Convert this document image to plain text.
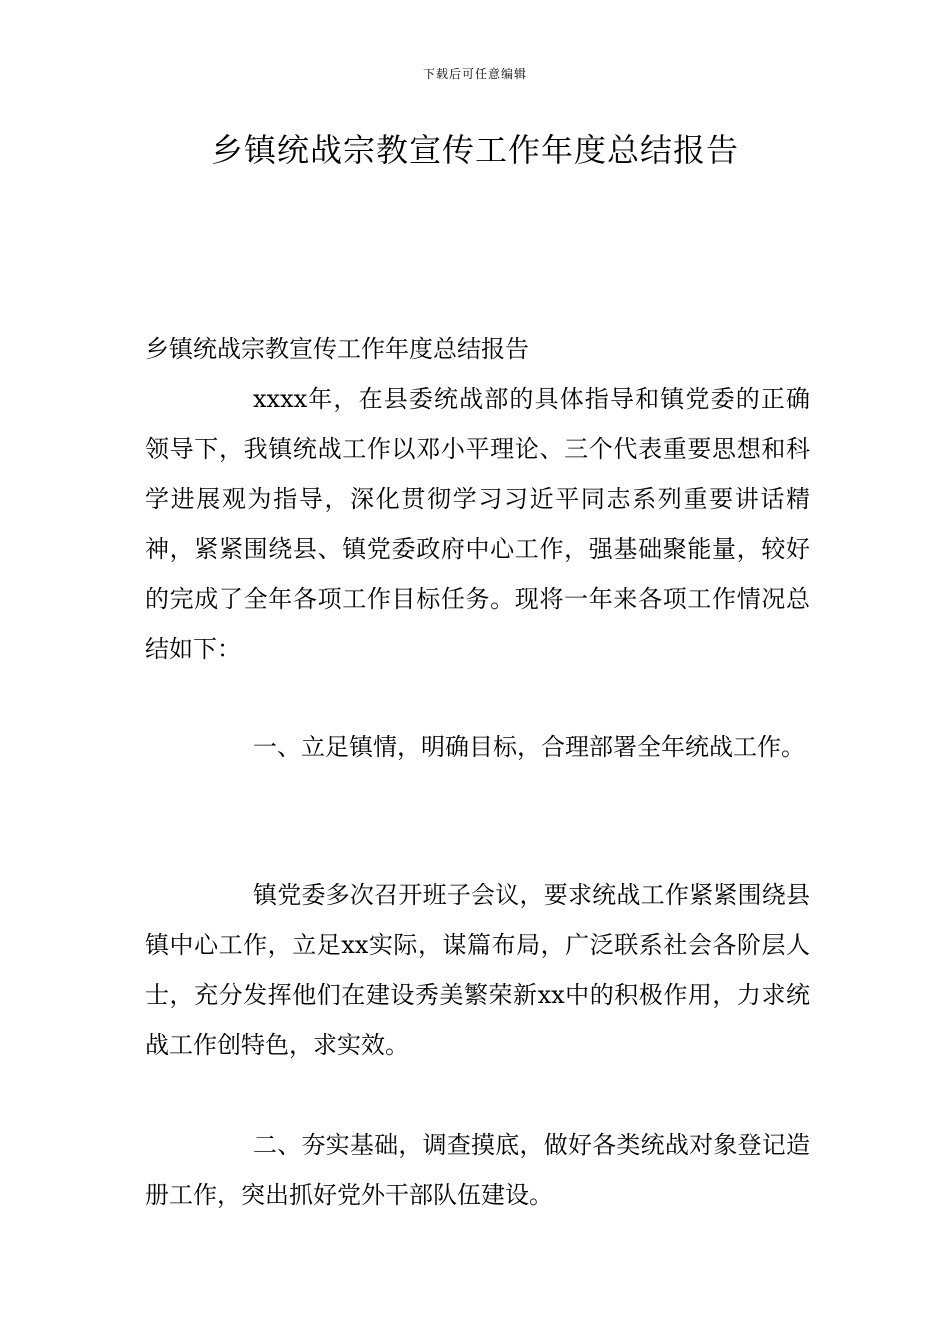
下载后可任意编辑
乡镇统战宗教宣传工作年度总结报告

乡镇统战宗教宣传工作年度总结报告

xxxx年，在县委统战部的具体指导和镇党委的正确领导下，我镇统战工作以邓小平理论、三个代表重要思想和科学进展观为指导，深化贯彻学习习近平同志系列重要讲话精神，紧紧围绕县、镇党委政府中心工作，强基础聚能量，较好的完成了全年各项工作目标任务。现将一年来各项工作情况总结如下：

一、立足镇情，明确目标，合理部署全年统战工作。

镇党委多次召开班子会议，要求统战工作紧紧围绕县镇中心工作，立足xx实际，谋篇布局，广泛联系社会各阶层人士，充分发挥他们在建设秀美繁荣新xx中的积极作用，力求统战工作创特色，求实效。

二、夯实基础，调查摸底，做好各类统战对象登记造册工作，突出抓好党外干部队伍建设。
